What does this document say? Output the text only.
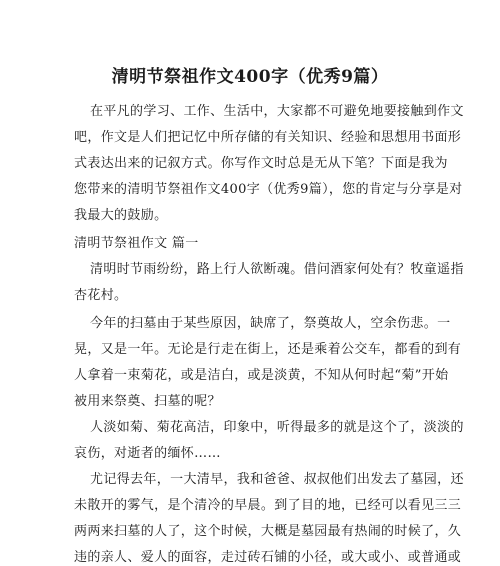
清明节祭祖作文400字（优秀9篇）
在平凡的学习、工作、生活中，大家都不可避免地要接触到作文
吧，作文是人们把记忆中所存储的有关知识、经验和思想用书面形
式表达出来的记叙方式。你写作文时总是无从下笔？下面是我为
您带来的清明节祭祖作文400字（优秀9篇），您的肯定与分享是对
我最大的鼓励。
清明节祭祖作文 篇一
清明时节雨纷纷，路上行人欲断魂。借问酒家何处有？牧童遥指
杏花村。
今年的扫墓由于某些原因，缺席了，祭奠故人，空余伤悲。一
晃，又是一年。无论是行走在街上，还是乘着公交车，都看的到有
人拿着一束菊花，或是洁白，或是淡黄，不知从何时起“菊”开始
被用来祭奠、扫墓的呢？
人淡如菊、菊花高洁，印象中，听得最多的就是这个了，淡淡的
哀伤，对逝者的缅怀……
尤记得去年，一大清早，我和爸爸、叔叔他们出发去了墓园，还
未散开的雾气，是个清冷的早晨。到了目的地，已经可以看见三三
两两来扫墓的人了，这个时候，大概是墓园最有热闹的时候了，久
违的亲人、爱人的面容，走过砖石铺的小径，或大或小、或普通或
